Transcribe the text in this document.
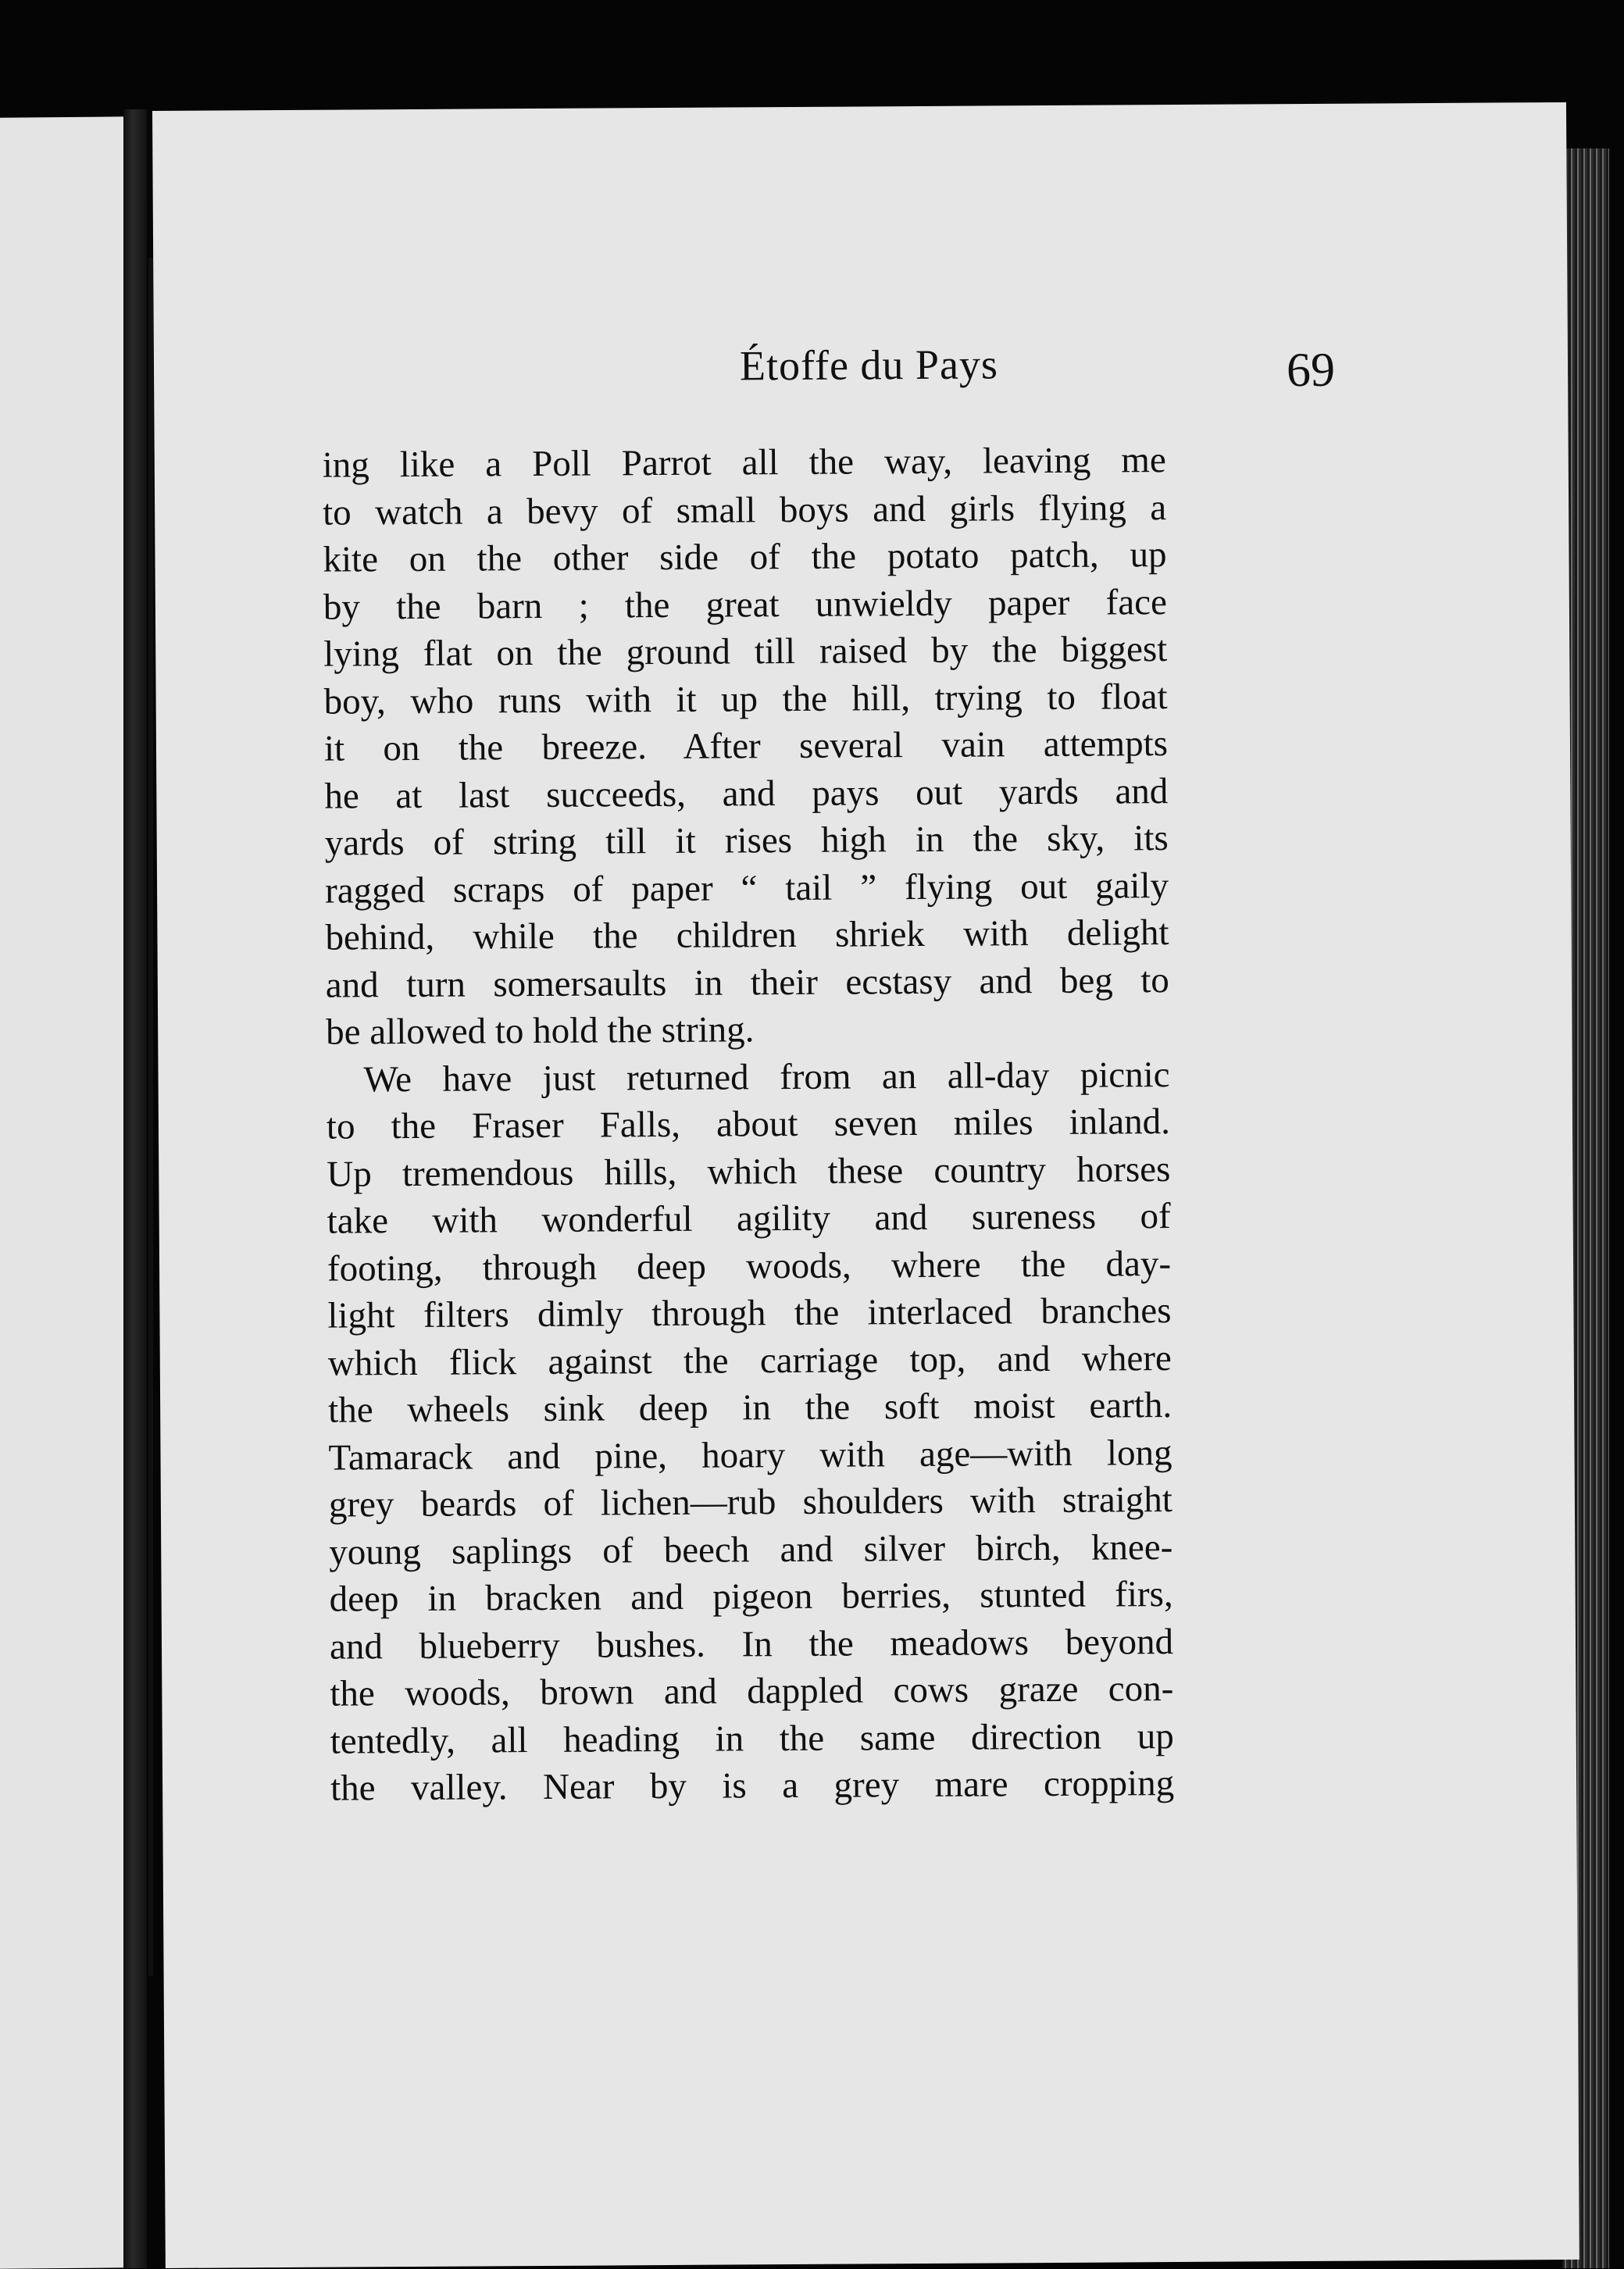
Étoffe du Pays	69
ing like a Poll Parrot all the way, leaving me
to watch a bevy of small boys and girls flying a
kite on the other side of the potato patch, up
by the barn ; the great unwieldy paper face
lying flat on the ground till raised by the biggest
boy, who runs with it up the hill, trying to float
it on the breeze. After several vain attempts
he at last succeeds, and pays out yards and
yards of string till it rises high in the sky, its
ragged scraps of paper “ tail ” flying out gaily
behind, while the children shriek with delight
and turn somersaults in their ecstasy and beg to
be allowed to hold the string.
We have just returned from an all-day picnic
to the Fraser Falls, about seven miles inland.
Up tremendous hills, which these country horses
take with wonderful agility and sureness of
footing, through deep woods, where the day-
light filters dimly through the interlaced branches
which flick against the carriage top, and where
the wheels sink deep in the soft moist earth.
Tamarack and pine, hoary with age—with long
grey beards of lichen—rub shoulders with straight
young saplings of beech and silver birch, knee-
deep in bracken and pigeon berries, stunted firs,
and blueberry bushes. In the meadows beyond
the woods, brown and dappled cows graze con-
tentedly, all heading in the same direction up
the valley. Near by is a grey mare cropping
